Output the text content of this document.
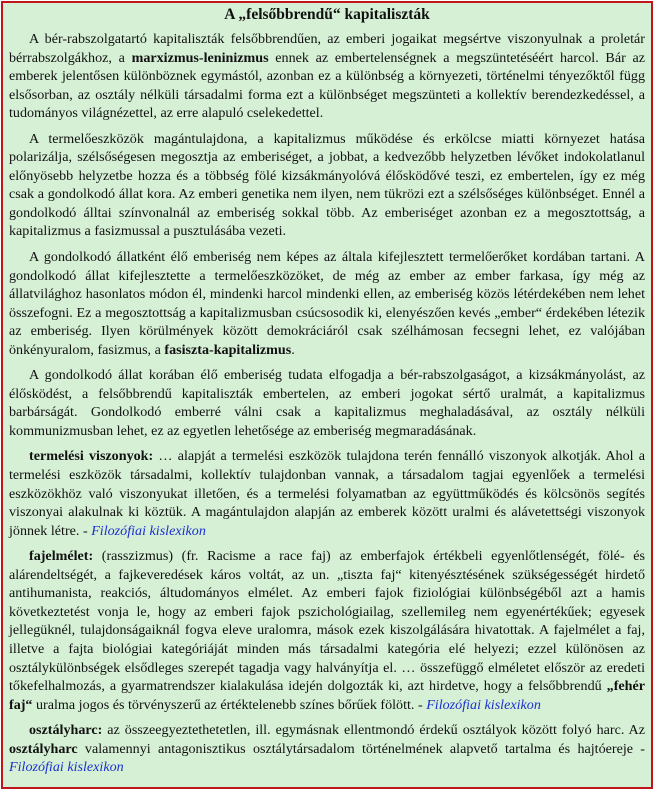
A „felsőbbrendű“ kapitaliszták

A bér-rabszolgatartó kapitaliszták felsőbbrendűen, az emberi jogaikat megsértve viszonyulnak a proletár bérrabszolgákhoz, a marxizmus-leninizmus ennek az embertelenségnek a megszüntetéséért harcol. Bár az emberek jelentősen különböznek egymástól, azonban ez a különbség a környezeti, történelmi tényezőktől függ elsősorban, az osztály nélküli társadalmi forma ezt a különbséget megszünteti a kollektív berendezkedéssel, a tudományos világnézettel, az erre alapuló cselekedettel.

A termelőeszközök magántulajdona, a kapitalizmus működése és erkölcse miatti környezet hatása polarizálja, szélsőségesen megosztja az emberiséget, a jobbat, a kedvezőbb helyzetben lévőket indokolatlanul előnyösebb helyzetbe hozza és a többség fölé kizsákmányolóvá élősködővé teszi, ez embertelen, így ez még csak a gondolkodó állat kora. Az emberi genetika nem ilyen, nem tükrözi ezt a szélsőséges különbséget. Ennél a gondolkodó álltai színvonalnál az emberiség sokkal több. Az emberiséget azonban ez a megosztottság, a kapitalizmus a fasizmussal a pusztulásába vezeti.

A gondolkodó állatként élő emberiség nem képes az általa kifejlesztett termelőerőket kordában tartani. A gondolkodó állat kifejlesztette a termelőeszközöket, de még az ember az ember farkasa, így még az állatvilághoz hasonlatos módon él, mindenki harcol mindenki ellen, az emberiség közös létérdekében nem lehet összefogni. Ez a megosztottság a kapitalizmusban csúcsosodik ki, elenyészően kevés „ember“ érdekében létezik az emberiség. Ilyen körülmények között demokráciáról csak szélhámosan fecsegni lehet, ez valójában önkényuralom, fasizmus, a fasiszta-kapitalizmus.

A gondolkodó állat korában élő emberiség tudata elfogadja a bér-rabszolgaságot, a kizsákmányolást, az élősködést, a felsőbbrendű kapitaliszták embertelen, az emberi jogokat sértő uralmát, a kapitalizmus barbárságát. Gondolkodó emberré válni csak a kapitalizmus meghaladásával, az osztály nélküli kommunizmusban lehet, ez az egyetlen lehetősége az emberiség megmaradásának.

termelési viszonyok: … alapját a termelési eszközök tulajdona terén fennálló viszonyok alkotják. Ahol a termelési eszközök társadalmi, kollektív tulajdonban vannak, a társadalom tagjai egyenlőek a termelési eszközökhöz való viszonyukat illetően, és a termelési folyamatban az együttműködés és kölcsönös segítés viszonyai alakulnak ki köztük. A magántulajdon alapján az emberek között uralmi és alávetettségi viszonyok jönnek létre. - Filozófiai kislexikon

fajelmélet: (rasszizmus) (fr. Racisme a race faj) az emberfajok értékbeli egyenlőtlenségét, fölé- és alárendeltségét, a fajkeveredések káros voltát, az un. „tiszta faj“ kitenyésztésének szükségességét hirdető antihumanista, reakciós, áltudományos elmélet. Az emberi fajok fiziológiai különbségéből azt a hamis következtetést vonja le, hogy az emberi fajok pszichológiailag, szellemileg nem egyenértékűek; egyesek jellegüknél, tulajdonságaiknál fogva eleve uralomra, mások ezek kiszolgálására hivatottak. A fajelmélet a faj, illetve a fajta biológiai kategóriáját minden más társadalmi kategória elé helyezi; ezzel különösen az osztálykülönbségek elsődleges szerepét tagadja vagy halványítja el. … összefüggő elméletet először az eredeti tőkefelhalmozás, a gyarmatrendszer kialakulása idején dolgozták ki, azt hirdetve, hogy a felsőbbrendű „fehér faj“ uralma jogos és törvényszerű az értéktelenebb színes bőrűek fölött. - Filozófiai kislexikon

osztályharc: az összeegyeztethetetlen, ill. egymásnak ellentmondó érdekű osztályok között folyó harc. Az osztályharc valamennyi antagonisztikus osztálytársadalom történelmének alapvető tartalma és hajtóereje - Filozófiai kislexikon
